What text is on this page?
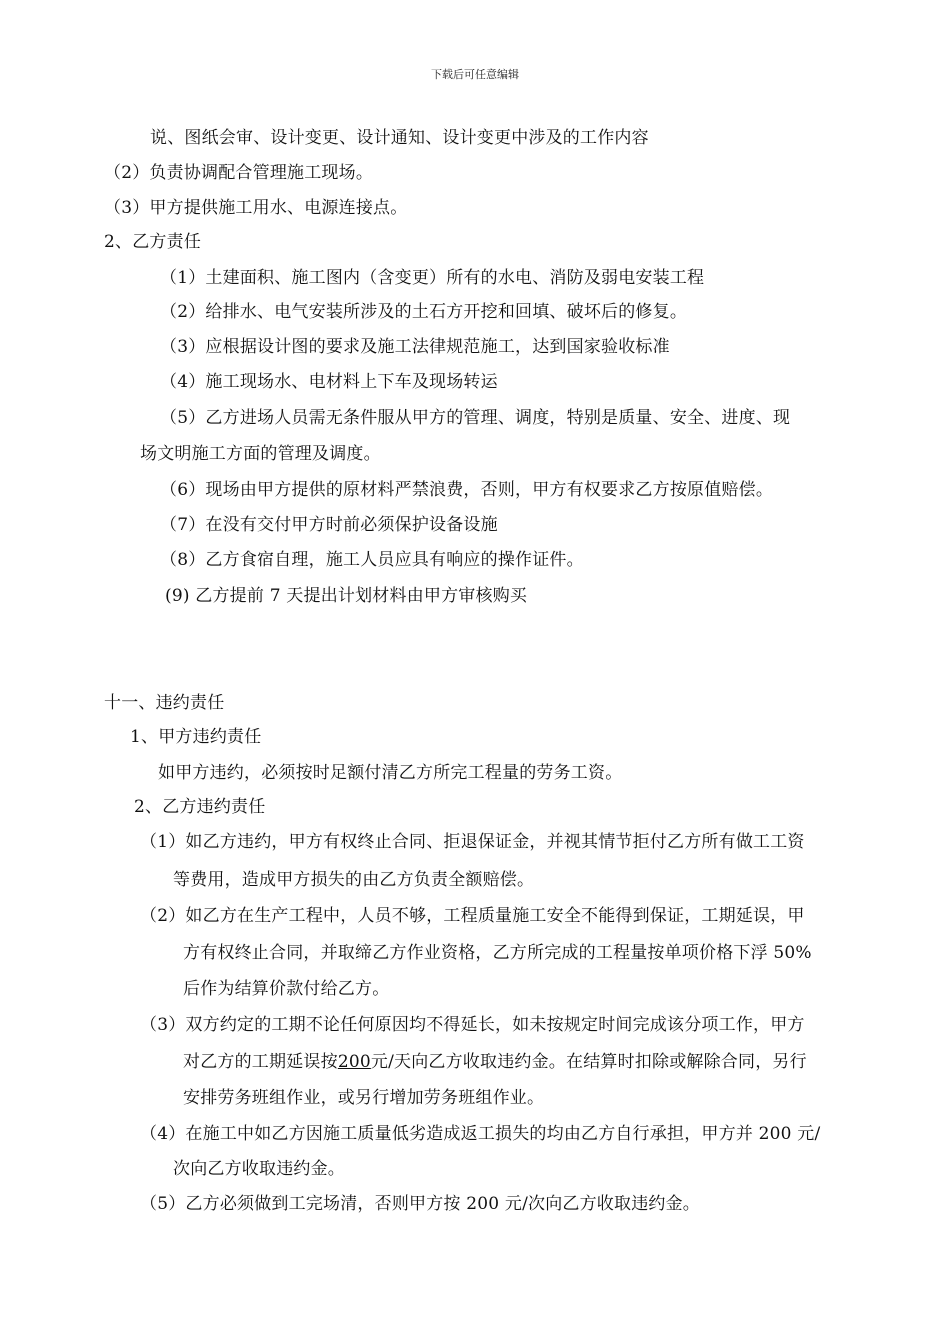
下载后可任意编辑
说、图纸会审、设计变更、设计通知、设计变更中涉及的工作内容
（2）负责协调配合管理施工现场。
（3）甲方提供施工用水、电源连接点。
2、乙方责任
（1）土建面积、施工图内（含变更）所有的水电、消防及弱电安装工程
（2）给排水、电气安装所涉及的土石方开挖和回填、破坏后的修复。
（3）应根据设计图的要求及施工法律规范施工，达到国家验收标准
（4）施工现场水、电材料上下车及现场转运
（5）乙方进场人员需无条件服从甲方的管理、调度，特别是质量、安全、进度、现
场文明施工方面的管理及调度。
（6）现场由甲方提供的原材料严禁浪费，否则，甲方有权要求乙方按原值赔偿。
（7）在没有交付甲方时前必须保护设备设施
（8）乙方食宿自理，施工人员应具有响应的操作证件。
(9) 乙方提前 7 天提出计划材料由甲方审核购买
十一、违约责任
1、甲方违约责任
如甲方违约，必须按时足额付清乙方所完工程量的劳务工资。
2、乙方违约责任
（1）如乙方违约，甲方有权终止合同、拒退保证金，并视其情节拒付乙方所有做工工资
等费用，造成甲方损失的由乙方负责全额赔偿。
（2）如乙方在生产工程中，人员不够，工程质量施工安全不能得到保证，工期延误，甲
方有权终止合同，并取缔乙方作业资格，乙方所完成的工程量按单项价格下浮 50%
后作为结算价款付给乙方。
（3）双方约定的工期不论任何原因均不得延长，如未按规定时间完成该分项工作，甲方
对乙方的工期延误按200元/天向乙方收取违约金。在结算时扣除或解除合同，另行
安排劳务班组作业，或另行增加劳务班组作业。
（4）在施工中如乙方因施工质量低劣造成返工损失的均由乙方自行承担，甲方并 200 元/
次向乙方收取违约金。
（5）乙方必须做到工完场清，否则甲方按 200 元/次向乙方收取违约金。
